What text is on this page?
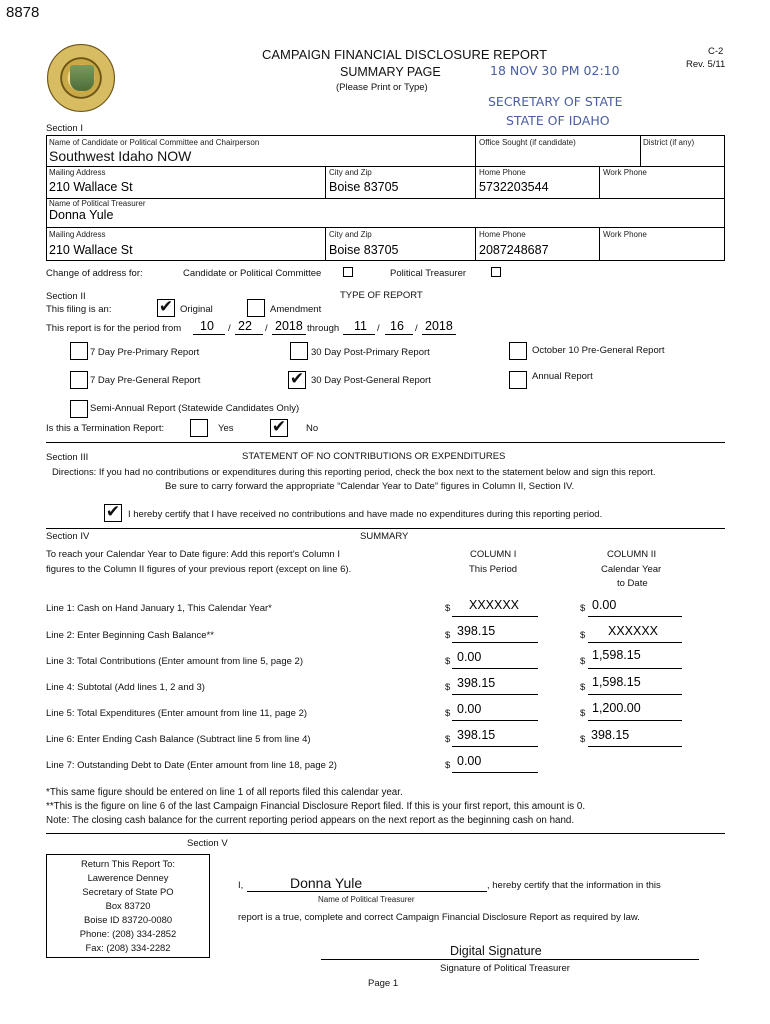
8878
CAMPAIGN FINANCIAL DISCLOSURE REPORT
SUMMARY PAGE
(Please Print or Type)
C-2
Rev. 5/11
18 NOV 30 PM 02:10
SECRETARY OF STATE
STATE OF IDAHO
Section I
Name of Candidate or Political Committee and Chairperson	Office Sought (if candidate)	District (if any)
Southwest Idaho NOW
Mailing Address	City and Zip	Home Phone	Work Phone
210 Wallace St	Boise 83705	5732203544
Name of Political Treasurer
Donna Yule
Mailing Address	City and Zip	Home Phone	Work Phone
210 Wallace St	Boise 83705	2087248687
Change of address for:	Candidate or Political Committee	Political Treasurer
Section II	TYPE OF REPORT
This filing is an:	✔ Original	Amendment
This report is for the period from 10 / 22 / 2018 through 11 / 16 / 2018
7 Day Pre-Primary Report	30 Day Post-Primary Report	October 10 Pre-General Report
7 Day Pre-General Report	✔ 30 Day Post-General Report	Annual Report
Semi-Annual Report (Statewide Candidates Only)
Is this a Termination Report:	Yes ✔ No
Section III	STATEMENT OF NO CONTRIBUTIONS OR EXPENDITURES
Directions: If you had no contributions or expenditures during this reporting period, check the box next to the statement below and sign this report.
Be sure to carry forward the appropriate “Calendar Year to Date” figures in Column II, Section IV.
✔ I hereby certify that I have received no contributions and have made no expenditures during this reporting period.
Section IV	SUMMARY
To reach your Calendar Year to Date figure: Add this report’s Column I
figures to the Column II figures of your previous report (except on line 6).
COLUMN I
This Period
COLUMN II
Calendar Year
to Date
Line 1: Cash on Hand January 1, This Calendar Year*	$ XXXXXX	$ 0.00
Line 2: Enter Beginning Cash Balance**	$ 398.15	$ XXXXXX
Line 3: Total Contributions (Enter amount from line 5, page 2)	$ 0.00	$ 1,598.15
Line 4: Subtotal (Add lines 1, 2 and 3)	$ 398.15	$ 1,598.15
Line 5: Total Expenditures (Enter amount from line 11, page 2)	$ 0.00	$ 1,200.00
Line 6: Enter Ending Cash Balance (Subtract line 5 from line 4)	$ 398.15	$ 398.15
Line 7: Outstanding Debt to Date (Enter amount from line 18, page 2)	$ 0.00
*This same figure should be entered on line 1 of all reports filed this calendar year.
**This is the figure on line 6 of the last Campaign Financial Disclosure Report filed. If this is your first report, this amount is 0.
Note: The closing cash balance for the current reporting period appears on the next report as the beginning cash on hand.
Section V
Return This Report To:
Lawerence Denney
Secretary of State PO
Box 83720
Boise ID 83720-0080
Phone: (208) 334-2852
Fax: (208) 334-2282
I,	Donna Yule	, hereby certify that the information in this
Name of Political Treasurer
report is a true, complete and correct Campaign Financial Disclosure Report as required by law.
Digital Signature
Signature of Political Treasurer
Page 1
